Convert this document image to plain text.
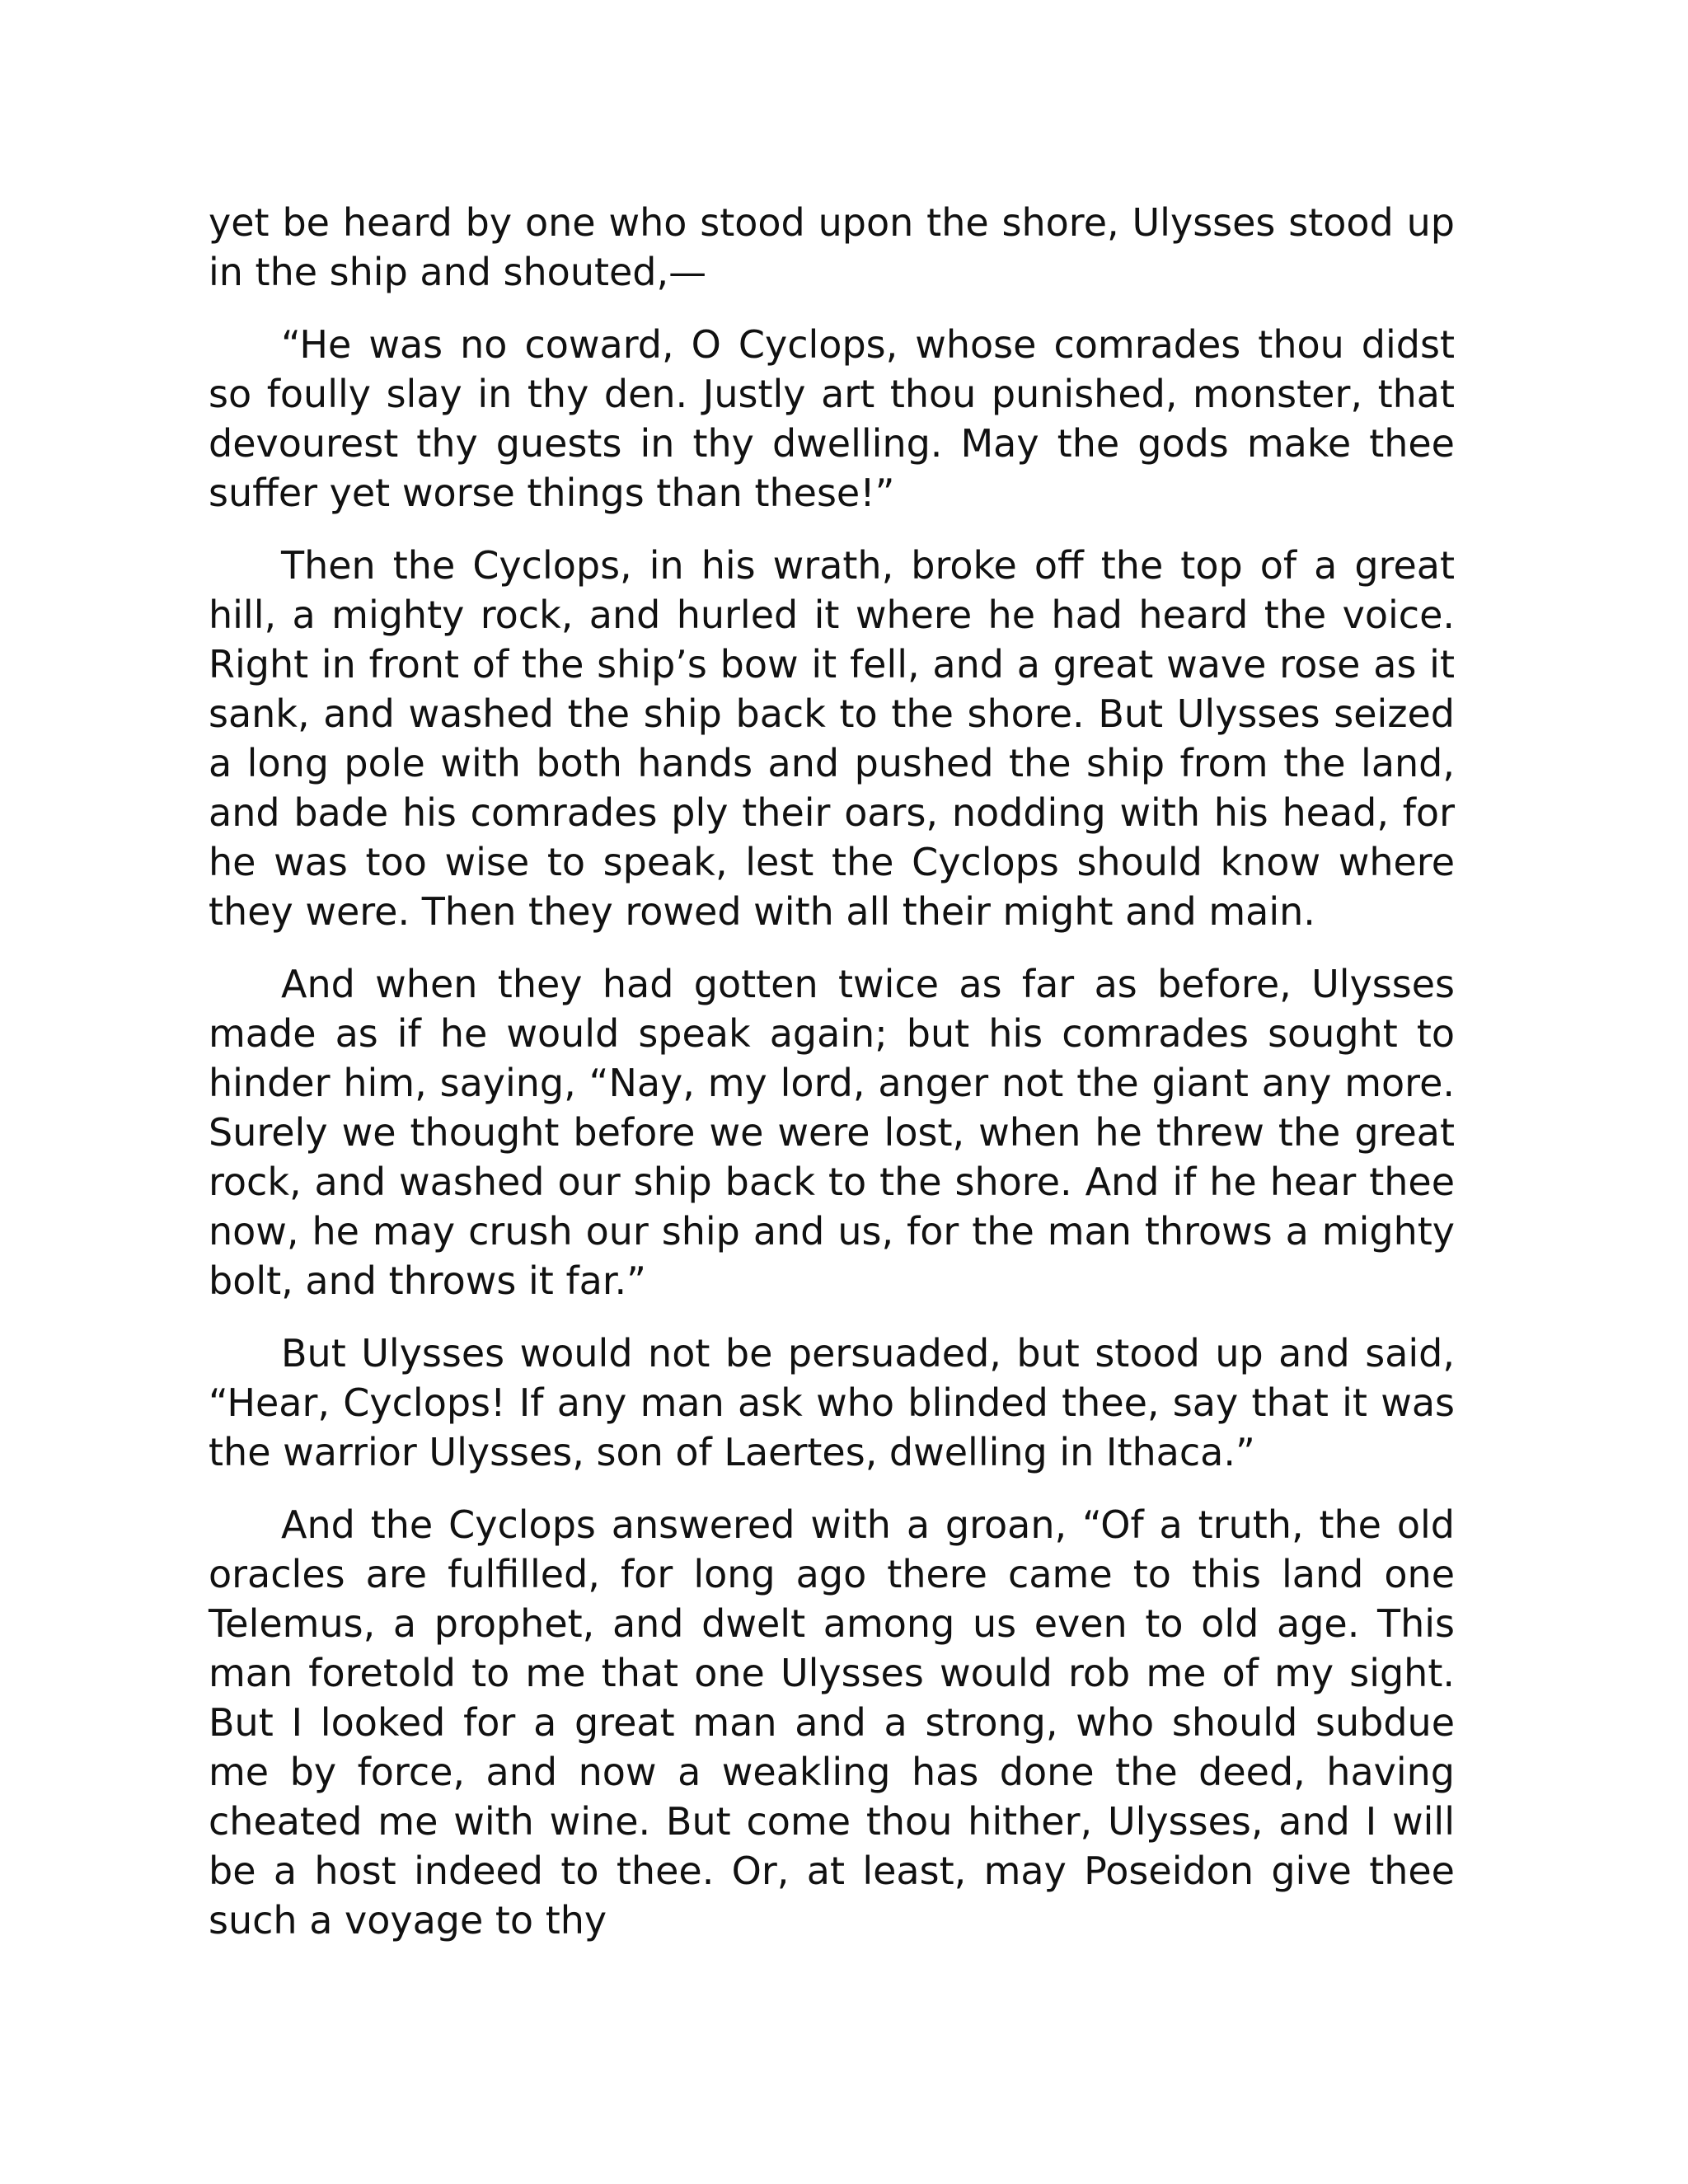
yet be heard by one who stood upon the shore, Ulysses stood up in the ship and shouted,—

“He was no coward, O Cyclops, whose comrades thou didst so foully slay in thy den. Justly art thou punished, monster, that devourest thy guests in thy dwelling. May the gods make thee suffer yet worse things than these!”

Then the Cyclops, in his wrath, broke off the top of a great hill, a mighty rock, and hurled it where he had heard the voice. Right in front of the ship’s bow it fell, and a great wave rose as it sank, and washed the ship back to the shore. But Ulysses seized a long pole with both hands and pushed the ship from the land, and bade his comrades ply their oars, nodding with his head, for he was too wise to speak, lest the Cyclops should know where they were. Then they rowed with all their might and main.

And when they had gotten twice as far as before, Ulysses made as if he would speak again; but his comrades sought to hinder him, saying, “Nay, my lord, anger not the giant any more. Surely we thought before we were lost, when he threw the great rock, and washed our ship back to the shore. And if he hear thee now, he may crush our ship and us, for the man throws a mighty bolt, and throws it far.”

But Ulysses would not be persuaded, but stood up and said, “Hear, Cyclops! If any man ask who blinded thee, say that it was the warrior Ulysses, son of Laertes, dwelling in Ithaca.”

And the Cyclops answered with a groan, “Of a truth, the old oracles are fulfilled, for long ago there came to this land one Telemus, a prophet, and dwelt among us even to old age. This man foretold to me that one Ulysses would rob me of my sight. But I looked for a great man and a strong, who should subdue me by force, and now a weakling has done the deed, having cheated me with wine. But come thou hither, Ulysses, and I will be a host indeed to thee. Or, at least, may Poseidon give thee such a voyage to thy
